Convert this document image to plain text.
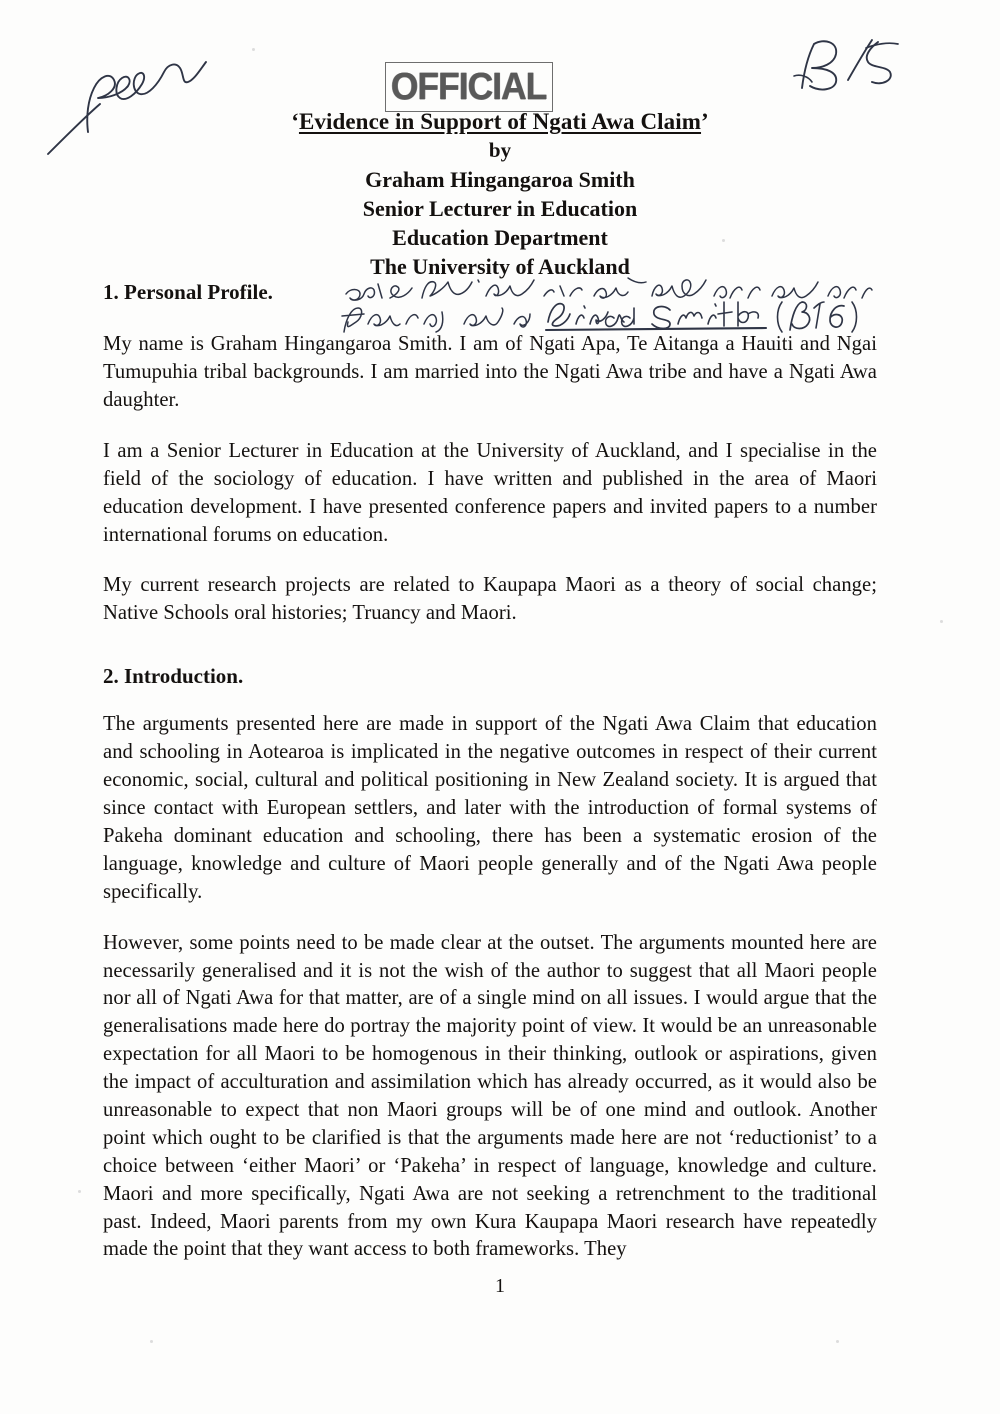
OFFICIAL
‘Evidence in Support of Ngati Awa Claim’

by

Graham Hingangaroa Smith

Senior Lecturer in Education

Education Department

The University of Auckland

1. Personal Profile.

My name is Graham Hingangaroa Smith. I am of Ngati Apa, Te Aitanga a Hauiti and Ngai Tumupuhia tribal backgrounds. I am married into the Ngati Awa tribe and have a Ngati Awa daughter.

I am a Senior Lecturer in Education at the University of Auckland, and I specialise in the field of the sociology of education. I have written and published in the area of Maori education development. I have presented conference papers and invited papers to a number international forums on education.

My current research projects are related to Kaupapa Maori as a theory of social change; Native Schools oral histories; Truancy and Maori.

2. Introduction.

The arguments presented here are made in support of the Ngati Awa Claim that education and schooling in Aotearoa is implicated in the negative outcomes in respect of their current economic, social, cultural and political positioning in New Zealand society. It is argued that since contact with European settlers, and later with the introduction of formal systems of Pakeha dominant education and schooling, there has been a systematic erosion of the language, knowledge and culture of Maori people generally and of the Ngati Awa people specifically.

However, some points need to be made clear at the outset. The arguments mounted here are necessarily generalised and it is not the wish of the author to suggest that all Maori people nor all of Ngati Awa for that matter, are of a single mind on all issues. I would argue that the generalisations made here do portray the majority point of view. It would be an unreasonable expectation for all Maori to be homogenous in their thinking, outlook or aspirations, given the impact of acculturation and assimilation which has already occurred, as it would also be unreasonable to expect that non Maori groups will be of one mind and outlook. Another point which ought to be clarified is that the arguments made here are not ‘reductionist’ to a choice between ‘either Maori’ or ‘Pakeha’ in respect of language, knowledge and culture. Maori and more specifically, Ngati Awa are not seeking a retrenchment to the traditional past. Indeed, Maori parents from my own Kura Kaupapa Maori research have repeatedly made the point that they want access to both frameworks. They

1
